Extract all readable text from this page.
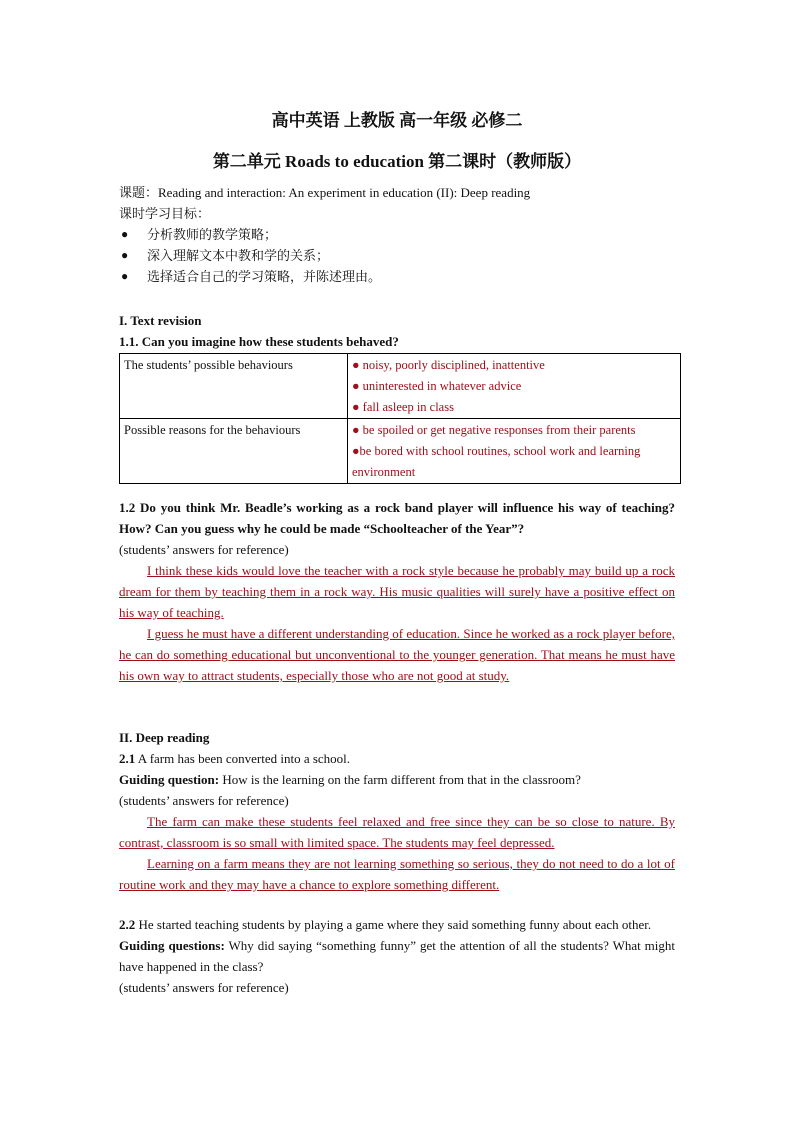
高中英语 上教版 高一年级 必修二
第二单元 Roads to education 第二课时（教师版）
课题：Reading and interaction: An experiment in education (II): Deep reading
课时学习目标：
● 分析教师的教学策略；
● 深入理解文本中教和学的关系；
● 选择适合自己的学习策略，并陈述理由。
I. Text revision
1.1. Can you imagine how these students behaved?
The students’ possible behaviours	● noisy, poorly disciplined, inattentive
● uninterested in whatever advice
● fall asleep in class

Possible reasons for the behaviours	● be spoiled or get negative responses from their parents
●be bored with school routines, school work and learning environment
1.2 Do you think Mr. Beadle’s working as a rock band player will influence his way of teaching? How? Can you guess why he could be made “Schoolteacher of the Year”?
(students’ answers for reference)
I think these kids would love the teacher with a rock style because he probably may build up a rock dream for them by teaching them in a rock way. His music qualities will surely have a positive effect on his way of teaching.
I guess he must have a different understanding of education. Since he worked as a rock player before, he can do something educational but unconventional to the younger generation. That means he must have his own way to attract students, especially those who are not good at study.
II. Deep reading
2.1 A farm has been converted into a school.
Guiding question: How is the learning on the farm different from that in the classroom?
(students’ answers for reference)
The farm can make these students feel relaxed and free since they can be so close to nature. By contrast, classroom is so small with limited space. The students may feel depressed.
Learning on a farm means they are not learning something so serious, they do not need to do a lot of routine work and they may have a chance to explore something different.
2.2 He started teaching students by playing a game where they said something funny about each other.
Guiding questions: Why did saying “something funny” get the attention of all the students? What might have happened in the class?
(students’ answers for reference)
